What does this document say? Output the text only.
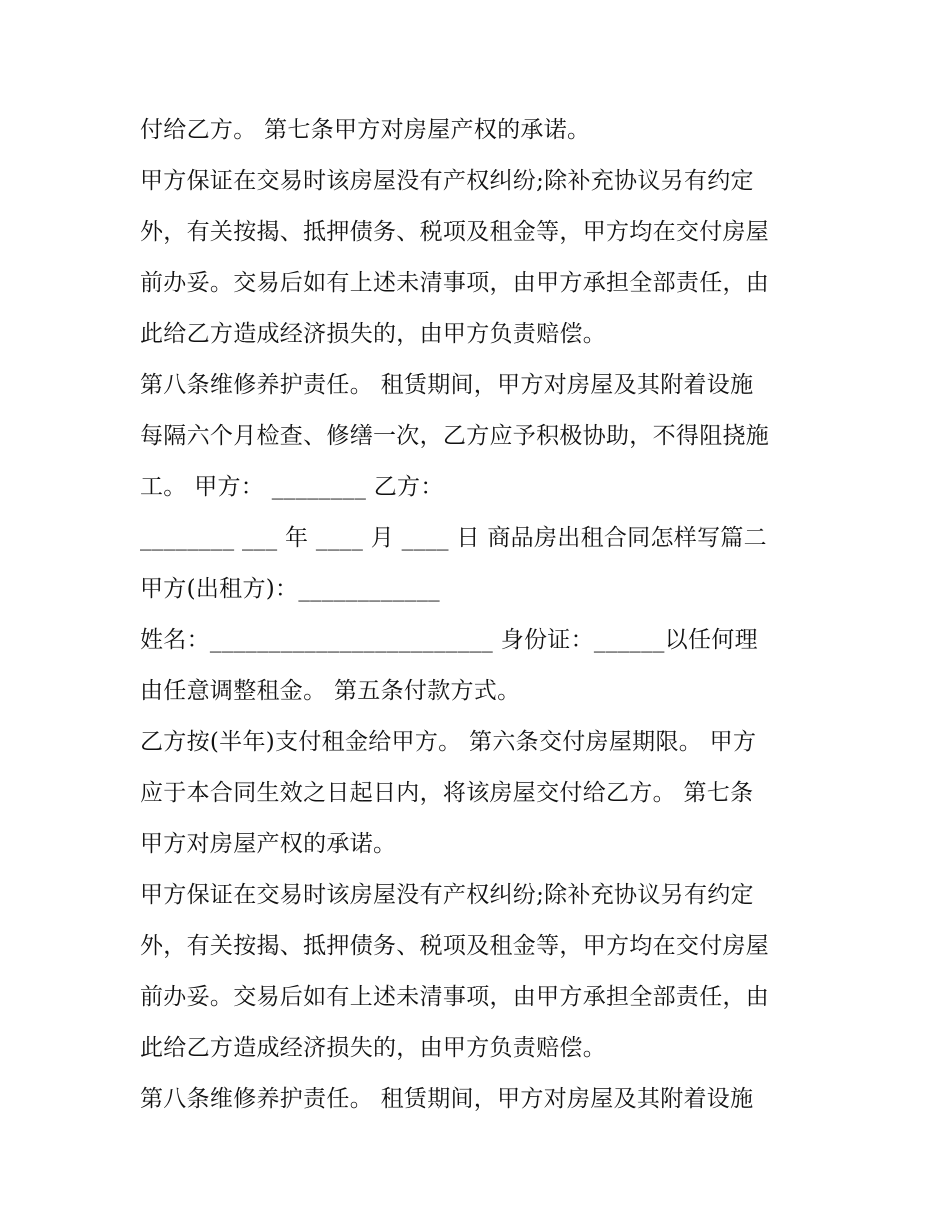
付给乙方。 第七条甲方对房屋产权的承诺。
甲方保证在交易时该房屋没有产权纠纷;除补充协议另有约定
外，有关按揭、抵押债务、税项及租金等，甲方均在交付房屋
前办妥。交易后如有上述未清事项，由甲方承担全部责任，由
此给乙方造成经济损失的，由甲方负责赔偿。
第八条维修养护责任。 租赁期间，甲方对房屋及其附着设施
每隔六个月检查、修缮一次，乙方应予积极协助，不得阻挠施
工。 甲方： ________ 乙方：
________ ___ 年 ____ 月 ____ 日 商品房出租合同怎样写篇二
甲方(出租方)：____________
姓名：________________________ 身份证：______以任何理
由任意调整租金。 第五条付款方式。
乙方按(半年)支付租金给甲方。 第六条交付房屋期限。 甲方
应于本合同生效之日起日内，将该房屋交付给乙方。 第七条
甲方对房屋产权的承诺。
甲方保证在交易时该房屋没有产权纠纷;除补充协议另有约定
外，有关按揭、抵押债务、税项及租金等，甲方均在交付房屋
前办妥。交易后如有上述未清事项，由甲方承担全部责任，由
此给乙方造成经济损失的，由甲方负责赔偿。
第八条维修养护责任。 租赁期间，甲方对房屋及其附着设施
